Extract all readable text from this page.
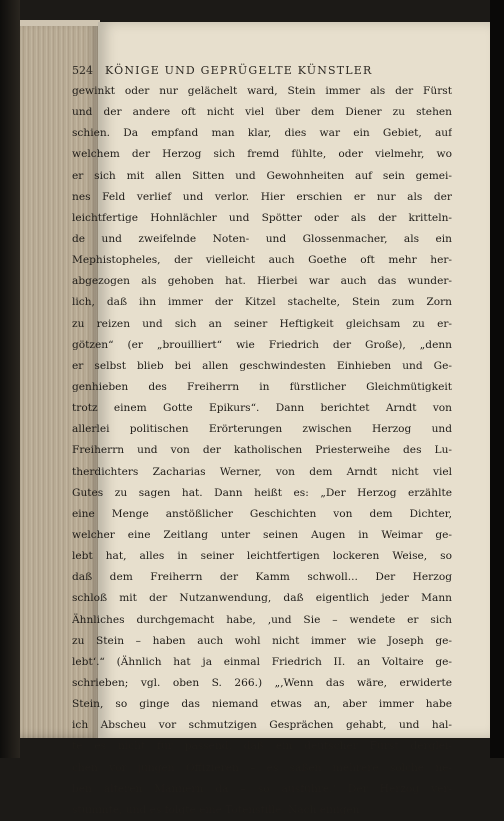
524 KÖNIGE UND GEPRÜGELTE KÜNSTLER
gewinkt oder nur gelächelt ward, Stein immer als der Fürst
und der andere oft nicht viel über dem Diener zu stehen
schien. Da empfand man klar, dies war ein Gebiet, auf
welchem der Herzog sich fremd fühlte, oder vielmehr, wo
er sich mit allen Sitten und Gewohnheiten auf sein gemei-
nes Feld verlief und verlor. Hier erschien er nur als der
leichtfertige Hohnlächler und Spötter oder als der kritteln-
de und zweifelnde Noten- und Glossenmacher, als ein
Mephistopheles, der vielleicht auch Goethe oft mehr her-
abgezogen als gehoben hat. Hierbei war auch das wunder-
lich, daß ihn immer der Kitzel stachelte, Stein zum Zorn
zu reizen und sich an seiner Heftigkeit gleichsam zu er-
götzen“ (er „brouilliert“ wie Friedrich der Große), „denn
er selbst blieb bei allen geschwindesten Einhieben und Ge-
genhieben des Freiherrn in fürstlicher Gleichmütigkeit
trotz einem Gotte Epikurs“. Dann berichtet Arndt von
allerlei politischen Erörterungen zwischen Herzog und
Freiherrn und von der katholischen Priesterweihe des Lu-
therdichters Zacharias Werner, von dem Arndt nicht viel
Gutes zu sagen hat. Dann heißt es: „Der Herzog erzählte
eine Menge anstößlicher Geschichten von dem Dichter,
welcher eine Zeitlang unter seinen Augen in Weimar ge-
lebt hat, alles in seiner leichtfertigen lockeren Weise, so
daß dem Freiherrn der Kamm schwoll... Der Herzog
schloß mit der Nutzanwendung, daß eigentlich jeder Mann
Ähnliches durchgemacht habe, ‚und Sie – wendete er sich
zu Stein – haben auch wohl nicht immer wie Joseph ge-
lebt‘.“ (Ähnlich hat ja einmal Friedrich II. an Voltaire ge-
schrieben; vgl. oben S. 266.) „‚Wenn das wäre, erwiderte
Stein, so ginge das niemand etwas an, aber immer habe
ich Abscheu vor schmutzigen Gesprächen gehabt, und hal-
te es nicht für passend, daß ein deutscher Fürst derglei-
chen vor jungen Offizieren – es saßen mehrere solche ne-
ben älteren Männern da – so ausführe.‘ Der Herzog ver-
stummte, und es folgte eine Totenstille. Nach einigen
